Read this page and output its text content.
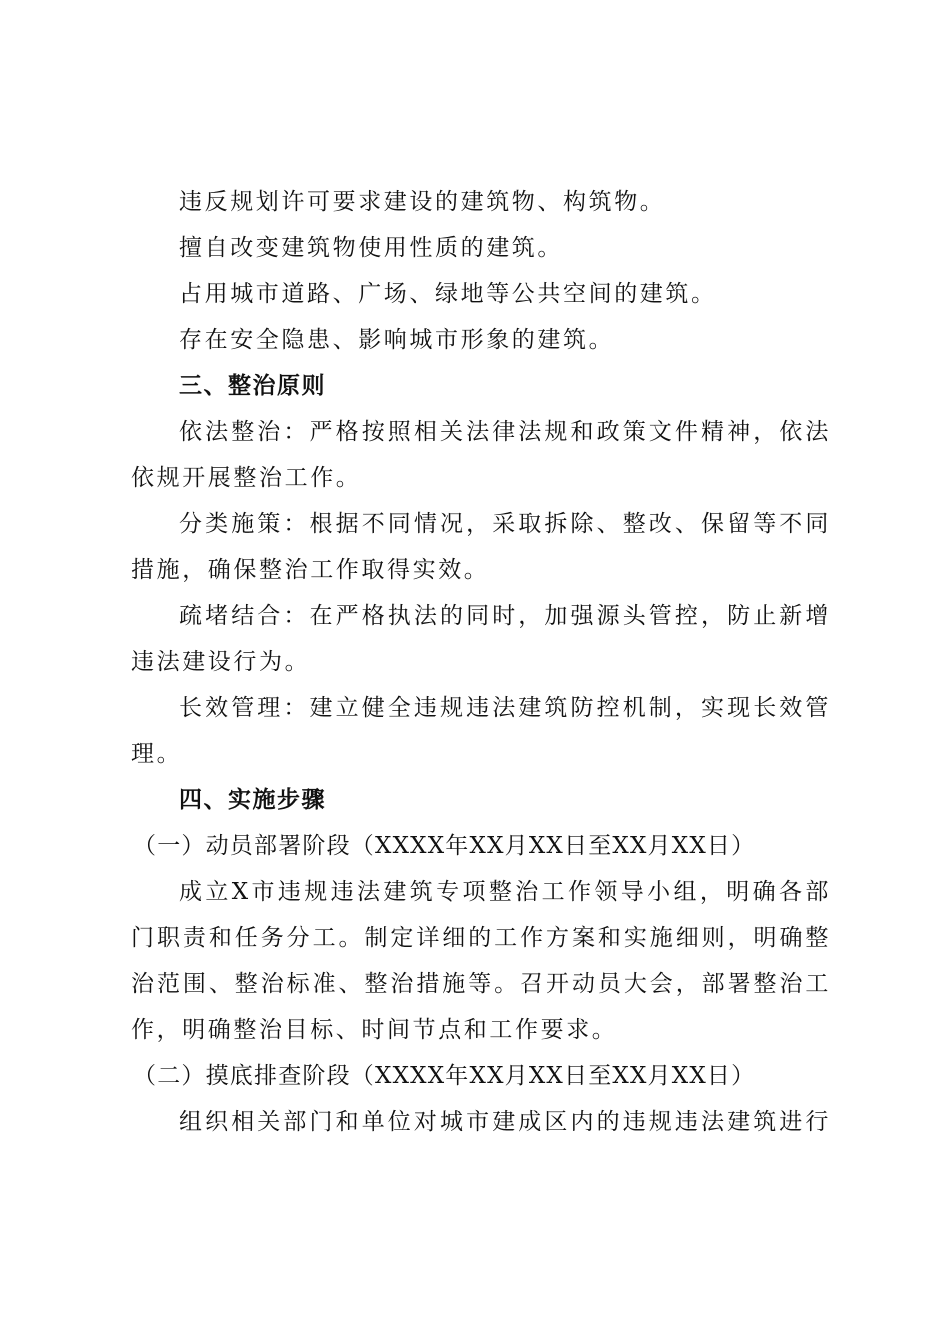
违反规划许可要求建设的建筑物、构筑物。
擅自改变建筑物使用性质的建筑。
占用城市道路、广场、绿地等公共空间的建筑。
存在安全隐患、影响城市形象的建筑。
三、整治原则
依法整治：严格按照相关法律法规和政策文件精神，依法
依规开展整治工作。
分类施策：根据不同情况，采取拆除、整改、保留等不同
措施，确保整治工作取得实效。
疏堵结合：在严格执法的同时，加强源头管控，防止新增
违法建设行为。
长效管理：建立健全违规违法建筑防控机制，实现长效管
理。
四、实施步骤
（一）动员部署阶段（XXXX年XX月XX日至XX月XX日）
成立X市违规违法建筑专项整治工作领导小组，明确各部
门职责和任务分工。制定详细的工作方案和实施细则，明确整
治范围、整治标准、整治措施等。召开动员大会，部署整治工
作，明确整治目标、时间节点和工作要求。
（二）摸底排查阶段（XXXX年XX月XX日至XX月XX日）
组织相关部门和单位对城市建成区内的违规违法建筑进行
